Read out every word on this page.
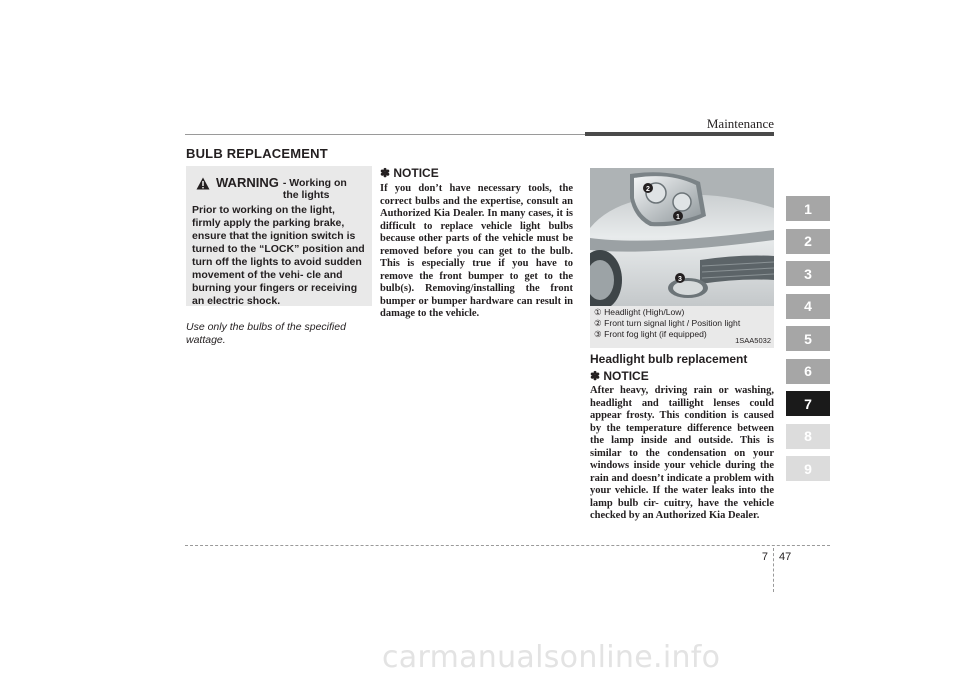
Maintenance
BULB REPLACEMENT
WARNING - Working on the lights
Prior to working on the light, firmly apply the parking brake, ensure that the ignition switch is turned to the “LOCK” position and turn off the lights to avoid sudden movement of the vehi- cle and burning your fingers or receiving an electric shock.
Use only the bulbs of the specified wattage.
✽ NOTICE
If you don’t have necessary tools, the correct bulbs and the expertise, consult an Authorized Kia Dealer. In many cases, it is difficult to replace vehicle light bulbs because other parts of the vehicle must be removed before you can get to the bulb. This is especially true if you have to remove the front bumper to get to the bulb(s). Removing/installing the front bumper or bumper hardware can result in damage to the vehicle.
2
1
3
① Headlight (High/Low)
② Front turn signal light / Position light
③ Front fog light (if equipped)
1SAA5032
Headlight bulb replacement
✽ NOTICE
After heavy, driving rain or washing, headlight and taillight lenses could appear frosty. This condition is caused by the temperature difference between the lamp inside and outside. This is similar to the condensation on your windows inside your vehicle during the rain and doesn’t indicate a problem with your vehicle. If the water leaks into the lamp bulb cir- cuitry, have the vehicle checked by an Authorized Kia Dealer.
1
2
3
4
5
6
7
8
9
7 47
carmanualsonline.info
